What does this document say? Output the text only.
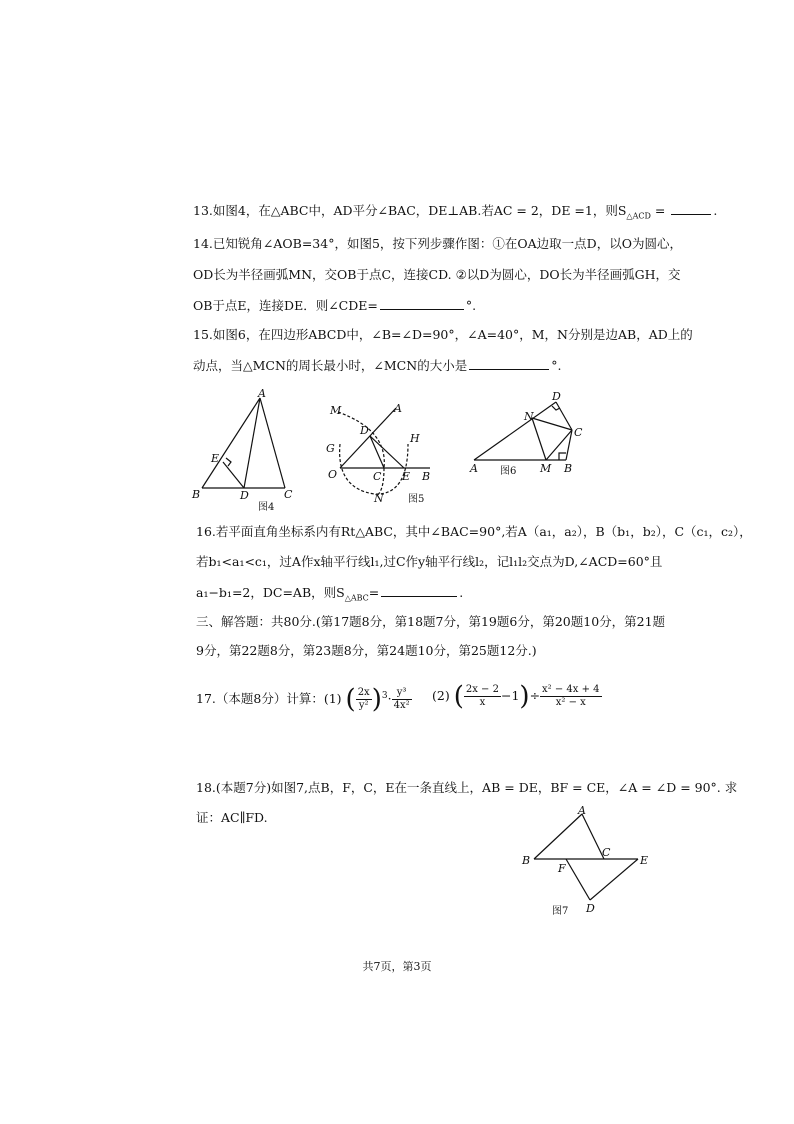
13.如图4，在△ABC中，AD平分∠BAC，DE⊥AB.若AC = 2，DE =1，则$S_{\triangle ACD}$ =	.
14.已知锐角∠AOB=34°，如图5，按下列步骤作图：①在OA边取一点D，以O为圆心，
OD长为半径画弧MN，交OB于点C，连接CD. ②以D为圆心，DO长为半径画弧GH，交
OB于点E，连接DE．则∠CDE=	°.
15.如图6，在四边形ABCD中，∠B=∠D=90°，∠A=40°，M，N分别是边AB，AD上的
动点，当△MCN的周长最小时，∠MCN的大小是	°.
A
E
B	D	C
图4
M	A
D
G
H
O	C E B
N 图5
D
N
C
A	M B
图6
16.若平面直角坐标系内有Rt△ABC，其中∠BAC=90°,若A（a₁，a₂），B（b₁，b₂），C（c₁，c₂），
若b₁<a₁<c₁，过A作x轴平行线l₁,过C作y轴平行线l₂，记l₁l₂交点为D,∠ACD=60°且
a₁−b₁=2，DC=AB，则$S_{\triangle ABC}=$	.
三、解答题：共80分.(第17题8分，第18题7分，第19题6分，第20题10分，第21题
9分，第22题8分，第23题8分，第24题10分，第25题12分.)
17.（本题8分）计算：(1) ( $\frac{2x}{\text{y²}} )^3\cdot \frac{\text{y³}}{\text{4x²}} (2)$ ( $\frac{2x - 2}{x} -1)\div \frac{\text{x² − 4x + 4}}{\text{x² − x}}$
18.(本题7分)如图7,点B，F，C，E在一条直线上，AB = DE，BF = CE，∠A = ∠D = 90°. 求
证：AC∥FD.	A
B
F
C
E
D
图7
共7页，第3页
